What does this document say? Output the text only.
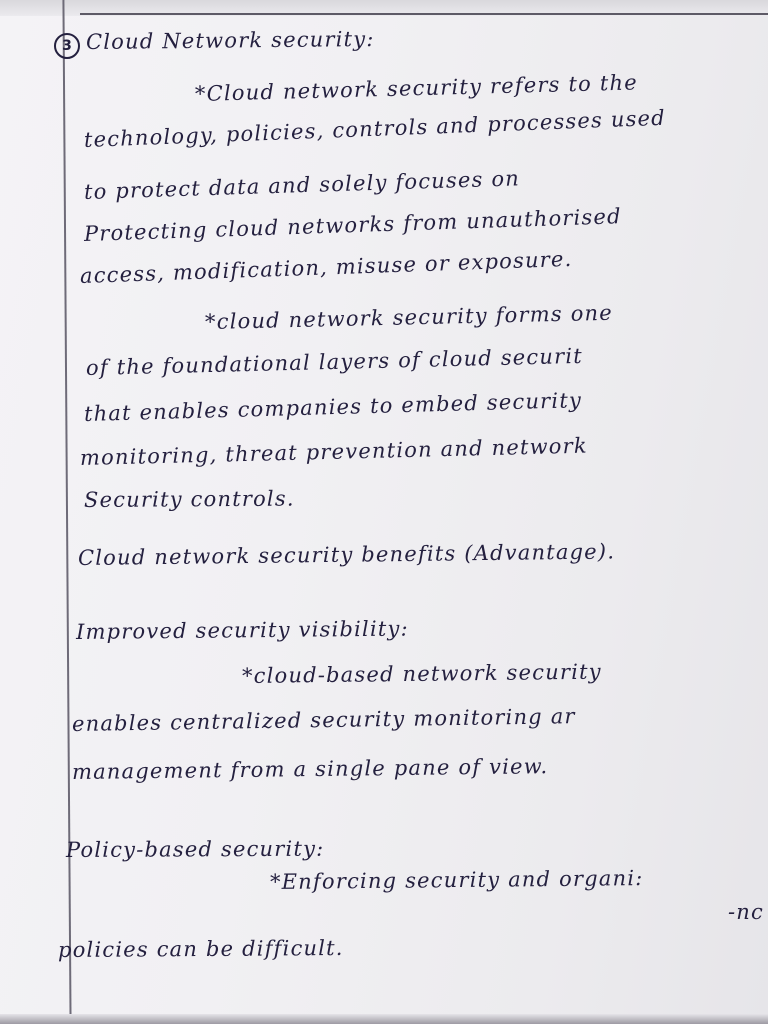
3 Cloud Network security:
*Cloud network security refers to the
technology, policies, controls and processes used
to protect data and solely focuses on
Protecting cloud networks from unauthorised
access, modification, misuse or exposure.
*cloud network security forms one
of the foundational layers of cloud securit
that enables companies to embed security
monitoring, threat prevention and network
Security controls.
Cloud network security benefits (Advantage).
Improved security visibility:
*cloud-based network security
enables centralized security monitoring ar
management from a single pane of view.
Policy-based security:
*Enforcing security and organi:
-nc
policies can be difficult.
